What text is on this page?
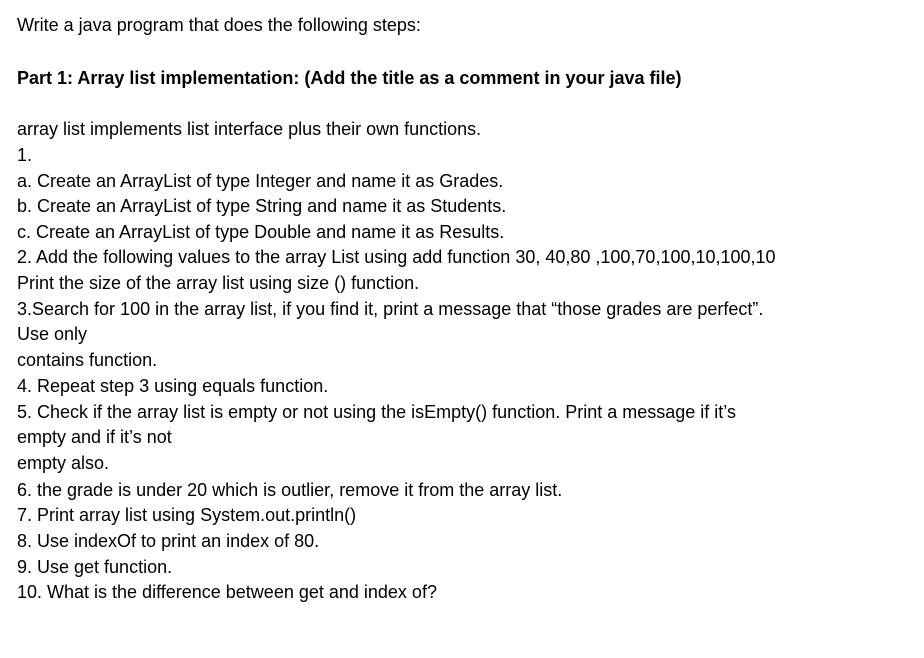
Write a java program that does the following steps:
Part 1: Array list implementation: (Add the title as a comment in your java file)
array list implements list interface plus their own functions.
1.
a. Create an ArrayList of type Integer and name it as Grades.
b. Create an ArrayList of type String and name it as Students.
c. Create an ArrayList of type Double and name it as Results.
2. Add the following values to the array List using add function 30, 40,80 ,100,70,100,10,100,10
Print the size of the array list using size () function.
3.Search for 100 in the array list, if you find it, print a message that “those grades are perfect”.
Use only
contains function.
4. Repeat step 3 using equals function.
5. Check if the array list is empty or not using the isEmpty() function. Print a message if it’s
empty and if it’s not
empty also.
6. the grade is under 20 which is outlier, remove it from the array list.
7. Print array list using System.out.println()
8. Use indexOf to print an index of 80.
9. Use get function.
10. What is the difference between get and index of?
